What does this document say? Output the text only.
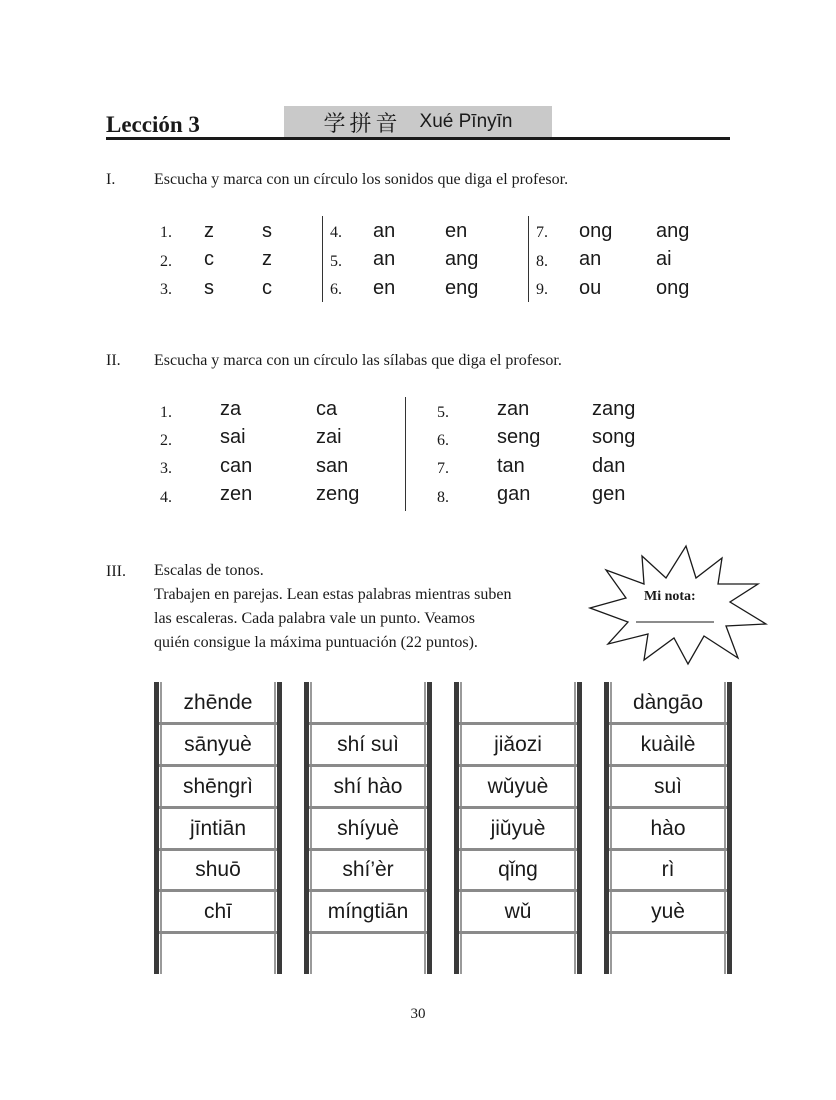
Lección 3	学拼音 Xué Pīnyīn
I. Escucha y marca con un círculo los sonidos que diga el profesor.
1. z s
2. c z
3. s c
4. an en
5. an ang
6. en eng
7. ong ang
8. an	ai
9. ou	ong
II. Escucha y marca con un círculo las sílabas que diga el profesor.
1. za	ca
2. sai	zai
3. can	san
4. zen	zeng
5. zan	zang
6. seng	song
7. tan	dan
8. gan	gen
III. Escalas de tonos.
Trabajen en parejas. Lean estas palabras mientras suben
las escaleras. Cada palabra vale un punto. Veamos
quién consigue la máxima puntuación (22 puntos).
Mi nota:
zhēnde
sānyuè
shēngrì
jīntiān
shuō
chī
shí suì
shí hào
shíyuè
shí’èr
míngtiān
jiǎozi
wǔyuè
jiǔyuè
qǐng
wǔ
dàngāo
kuàilè
suì
hào
rì
yuè
30
